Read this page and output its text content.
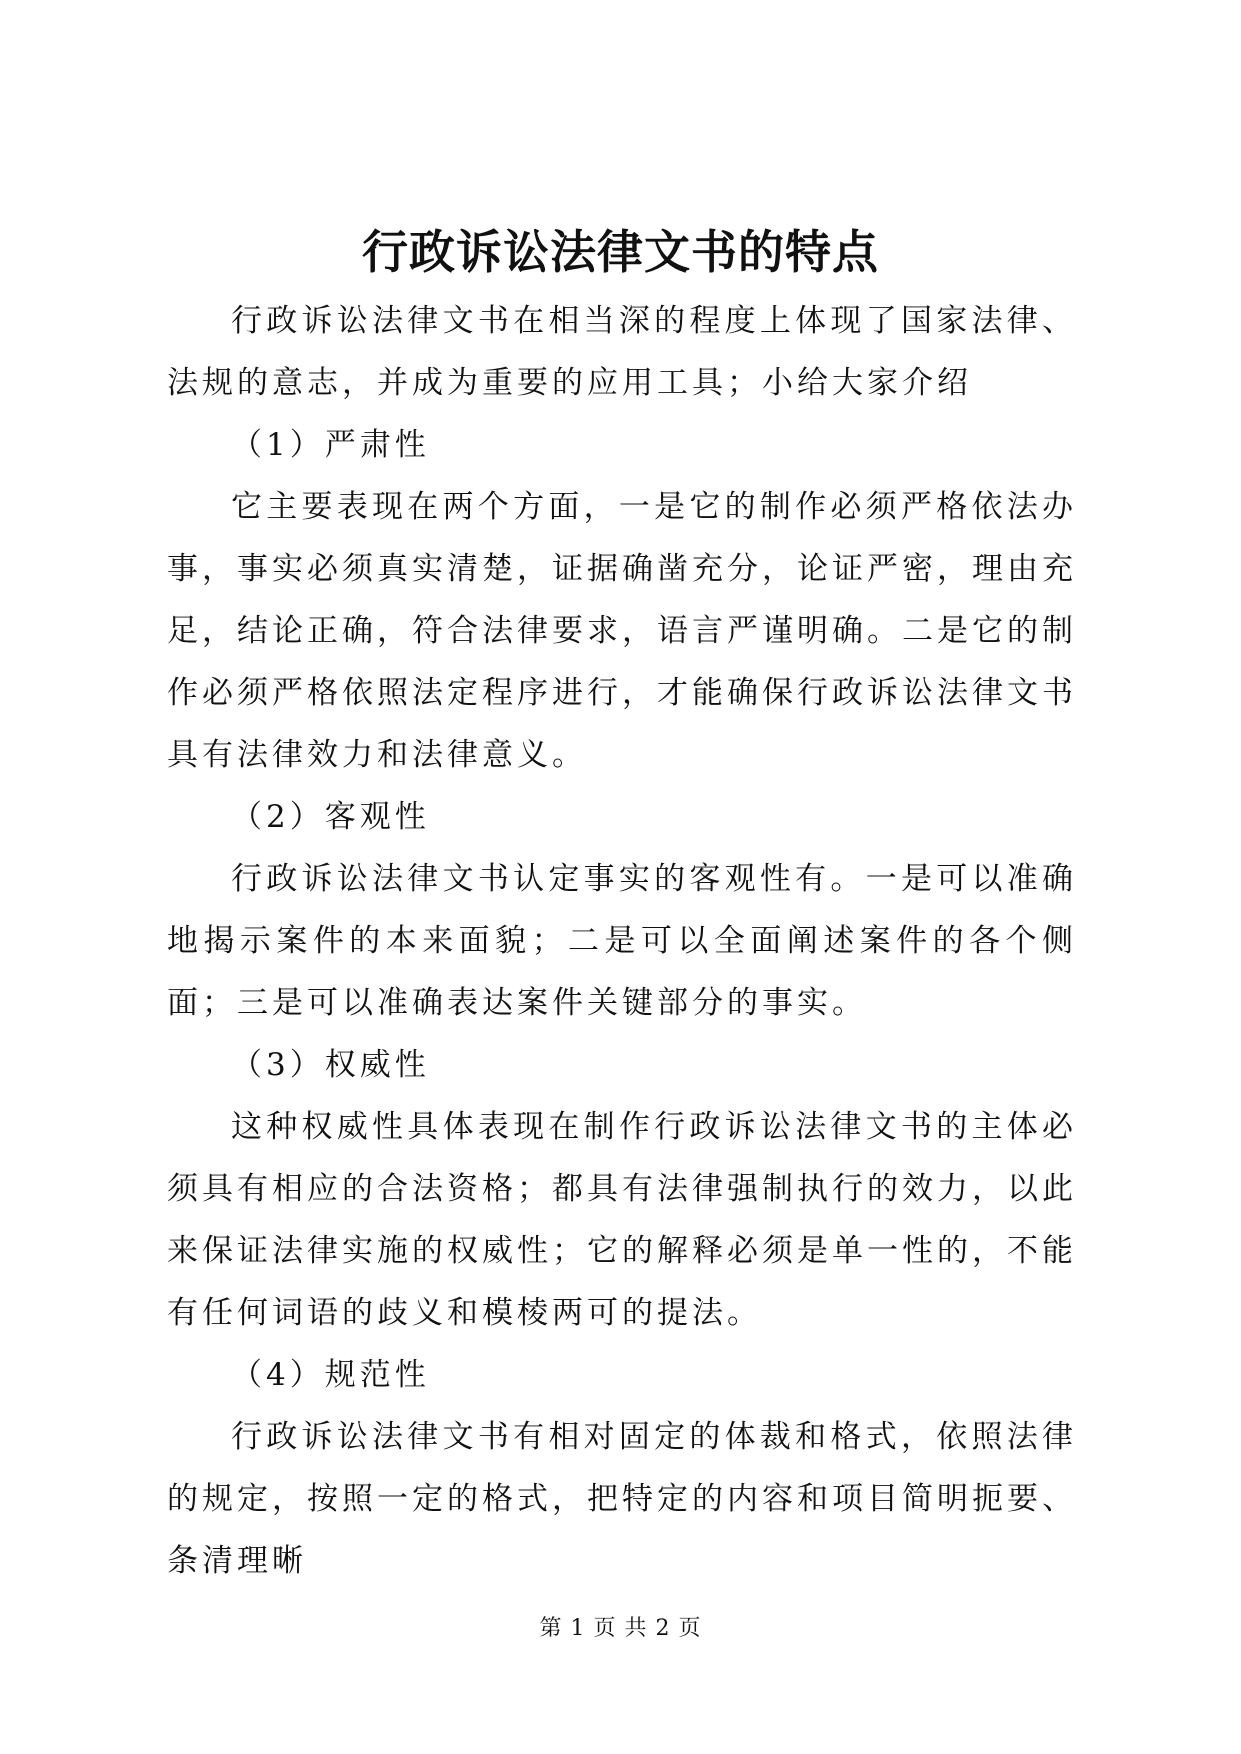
行政诉讼法律文书的特点

行政诉讼法律文书在相当深的程度上体现了国家法律、法规的意志，并成为重要的应用工具；小给大家介绍

（1）严肃性

它主要表现在两个方面，一是它的制作必须严格依法办事，事实必须真实清楚，证据确凿充分，论证严密，理由充足，结论正确，符合法律要求，语言严谨明确。二是它的制作必须严格依照法定程序进行，才能确保行政诉讼法律文书具有法律效力和法律意义。

（2）客观性

行政诉讼法律文书认定事实的客观性有。一是可以准确地揭示案件的本来面貌；二是可以全面阐述案件的各个侧面；三是可以准确表达案件关键部分的事实。

（3）权威性

这种权威性具体表现在制作行政诉讼法律文书的主体必须具有相应的合法资格；都具有法律强制执行的效力，以此来保证法律实施的权威性；它的解释必须是单一性的，不能有任何词语的歧义和模棱两可的提法。

（4）规范性

行政诉讼法律文书有相对固定的体裁和格式，依照法律的规定，按照一定的格式，把特定的内容和项目简明扼要、条清理晰

第 1 页 共 2 页
